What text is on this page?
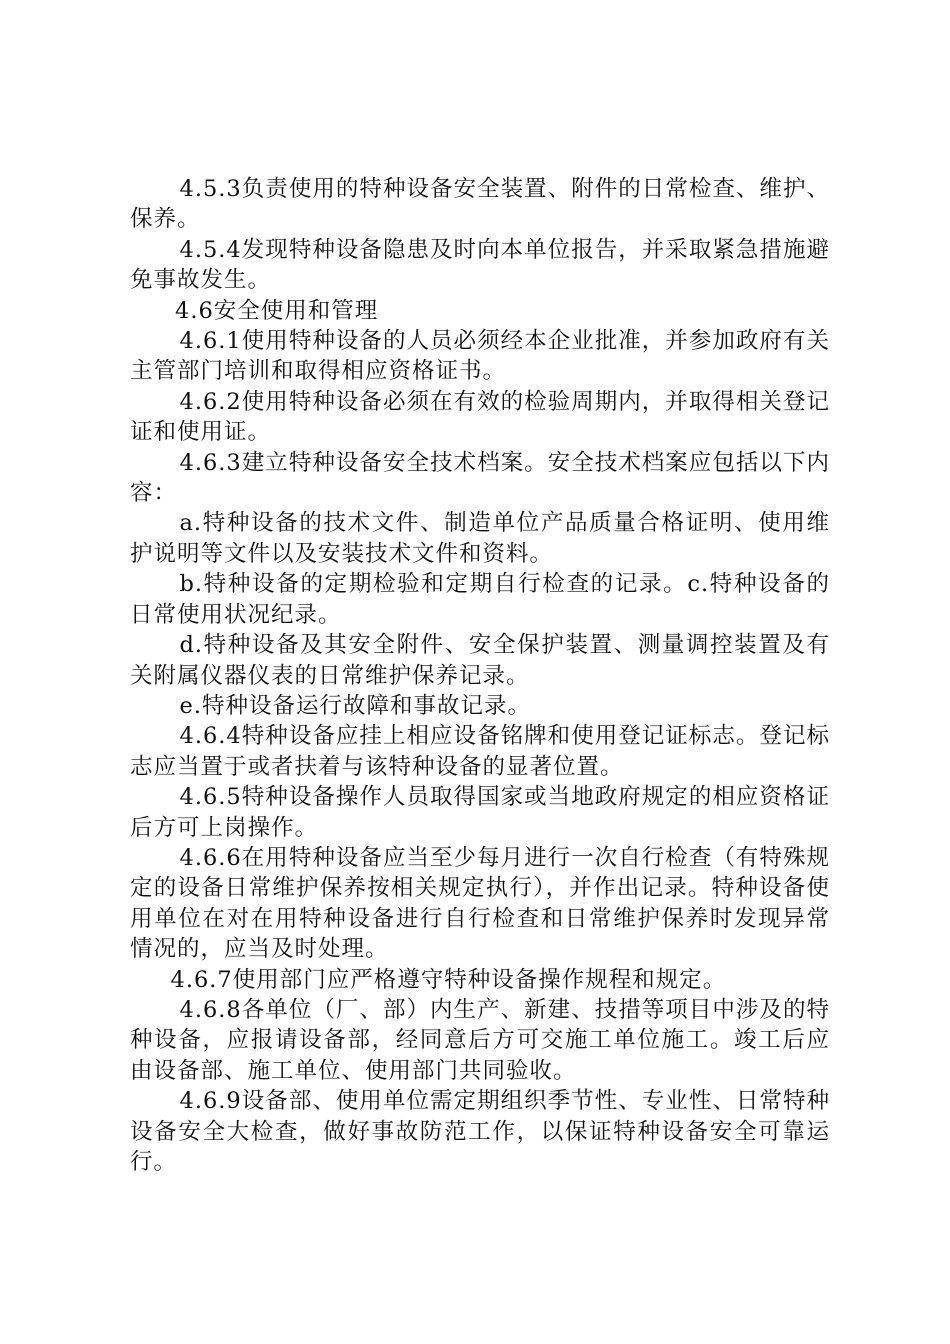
4.5.3负责使用的特种设备安全装置、附件的日常检查、维护、保养。

4.5.4发现特种设备隐患及时向本单位报告，并采取紧急措施避免事故发生。

4.6安全使用和管理

4.6.1使用特种设备的人员必须经本企业批准，并参加政府有关主管部门培训和取得相应资格证书。

4.6.2使用特种设备必须在有效的检验周期内，并取得相关登记证和使用证。

4.6.3建立特种设备安全技术档案。安全技术档案应包括以下内容：

a.特种设备的技术文件、制造单位产品质量合格证明、使用维护说明等文件以及安装技术文件和资料。

b.特种设备的定期检验和定期自行检查的记录。c.特种设备的日常使用状况纪录。

d.特种设备及其安全附件、安全保护装置、测量调控装置及有关附属仪器仪表的日常维护保养记录。

e.特种设备运行故障和事故记录。

4.6.4特种设备应挂上相应设备铭牌和使用登记证标志。登记标志应当置于或者扶着与该特种设备的显著位置。

4.6.5特种设备操作人员取得国家或当地政府规定的相应资格证后方可上岗操作。

4.6.6在用特种设备应当至少每月进行一次自行检查（有特殊规定的设备日常维护保养按相关规定执行），并作出记录。特种设备使用单位在对在用特种设备进行自行检查和日常维护保养时发现异常情况的，应当及时处理。

4.6.7使用部门应严格遵守特种设备操作规程和规定。

4.6.8各单位（厂、部）内生产、新建、技措等项目中涉及的特种设备，应报请设备部，经同意后方可交施工单位施工。竣工后应由设备部、施工单位、使用部门共同验收。

4.6.9设备部、使用单位需定期组织季节性、专业性、日常特种设备安全大检查，做好事故防范工作，以保证特种设备安全可靠运行。
